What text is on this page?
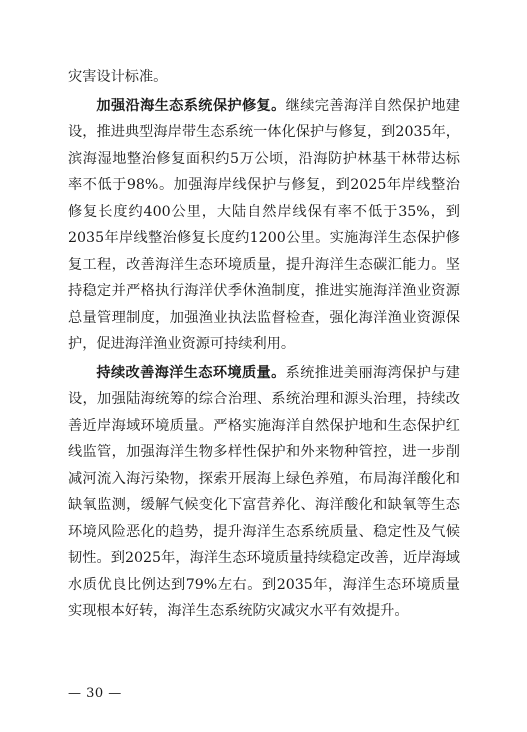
灾害设计标准。

加强沿海生态系统保护修复。继续完善海洋自然保护地建设，推进典型海岸带生态系统一体化保护与修复，到2035年，滨海湿地整治修复面积约5万公顷，沿海防护林基干林带达标率不低于98%。加强海岸线保护与修复，到2025年岸线整治修复长度约400公里，大陆自然岸线保有率不低于35%，到2035年岸线整治修复长度约1200公里。实施海洋生态保护修复工程，改善海洋生态环境质量，提升海洋生态碳汇能力。坚持稳定并严格执行海洋伏季休渔制度，推进实施海洋渔业资源总量管理制度，加强渔业执法监督检查，强化海洋渔业资源保护，促进海洋渔业资源可持续利用。

持续改善海洋生态环境质量。系统推进美丽海湾保护与建设，加强陆海统筹的综合治理、系统治理和源头治理，持续改善近岸海域环境质量。严格实施海洋自然保护地和生态保护红线监管，加强海洋生物多样性保护和外来物种管控，进一步削减河流入海污染物，探索开展海上绿色养殖，布局海洋酸化和缺氧监测，缓解气候变化下富营养化、海洋酸化和缺氧等生态环境风险恶化的趋势，提升海洋生态系统质量、稳定性及气候韧性。到2025年，海洋生态环境质量持续稳定改善，近岸海域水质优良比例达到79%左右。到2035年，海洋生态环境质量实现根本好转，海洋生态系统防灾减灾水平有效提升。

— 30 —
